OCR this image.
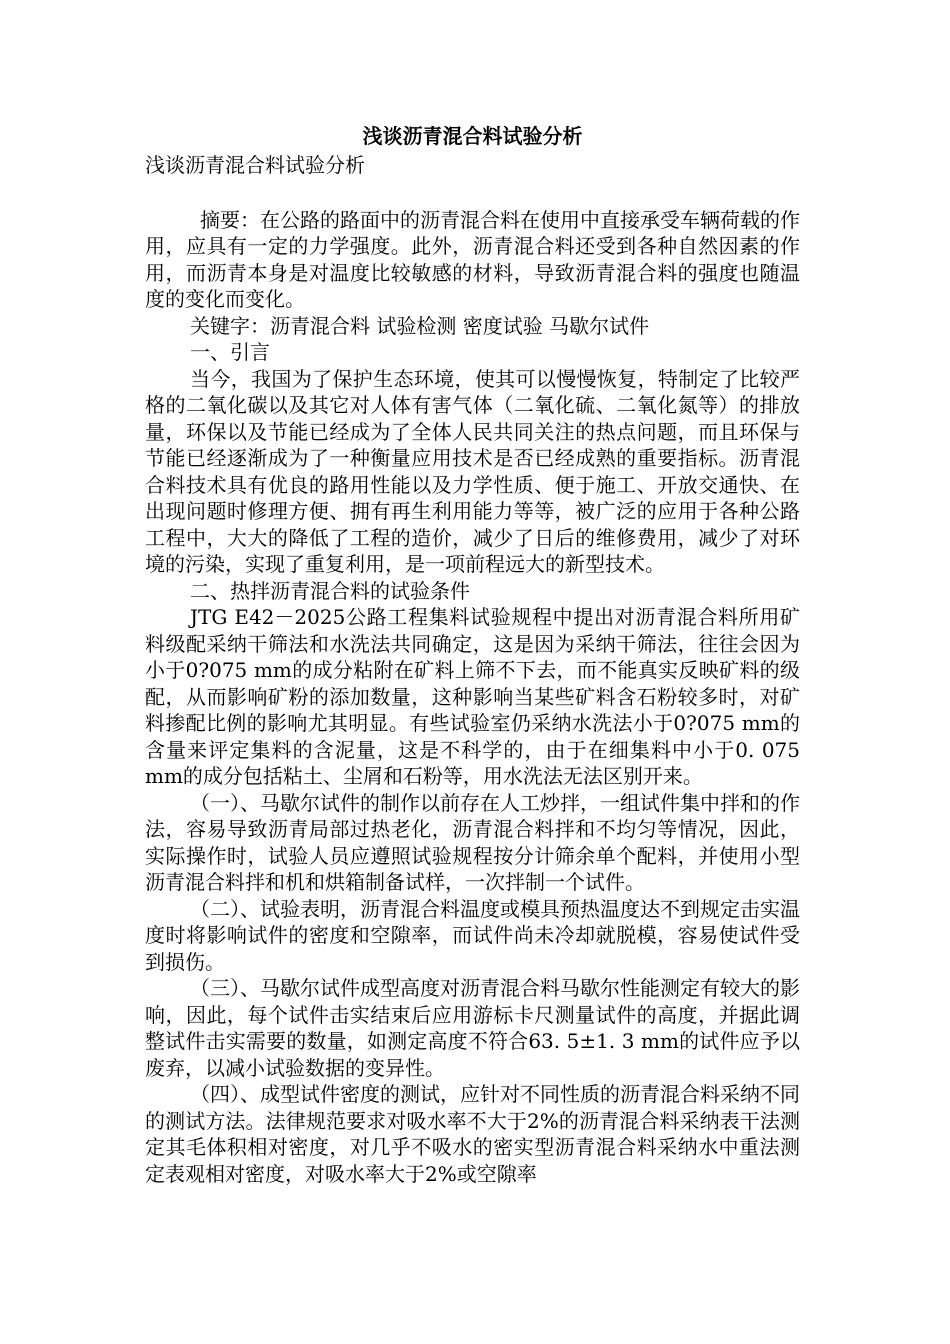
浅谈沥青混合料试验分析

浅谈沥青混合料试验分析

摘要：在公路的路面中的沥青混合料在使用中直接承受车辆荷载的作用，应具有一定的力学强度。此外，沥青混合料还受到各种自然因素的作用，而沥青本身是对温度比较敏感的材料，导致沥青混合料的强度也随温度的变化而变化。

关键字：沥青混合料 试验检测 密度试验 马歇尔试件

一、引言

当今，我国为了保护生态环境，使其可以慢慢恢复，特制定了比较严格的二氧化碳以及其它对人体有害气体（二氧化硫、二氧化氮等）的排放量，环保以及节能已经成为了全体人民共同关注的热点问题，而且环保与节能已经逐渐成为了一种衡量应用技术是否已经成熟的重要指标。沥青混合料技术具有优良的路用性能以及力学性质、便于施工、开放交通快、在出现问题时修理方便、拥有再生利用能力等等，被广泛的应用于各种公路工程中，大大的降低了工程的造价，减少了日后的维修费用，减少了对环境的污染，实现了重复利用，是一项前程远大的新型技术。

二、热拌沥青混合料的试验条件

JTG E42－2025公路工程集料试验规程中提出对沥青混合料所用矿料级配采纳干筛法和水洗法共同确定，这是因为采纳干筛法，往往会因为小于0?075 mm的成分粘附在矿料上筛不下去，而不能真实反映矿料的级配，从而影响矿粉的添加数量，这种影响当某些矿料含石粉较多时，对矿料掺配比例的影响尤其明显。有些试验室仍采纳水洗法小于0?075 mm的含量来评定集料的含泥量，这是不科学的，由于在细集料中小于0. 075 mm的成分包括粘土、尘屑和石粉等，用水洗法无法区别开来。

（一）、马歇尔试件的制作以前存在人工炒拌，一组试件集中拌和的作法，容易导致沥青局部过热老化，沥青混合料拌和不均匀等情况，因此，实际操作时，试验人员应遵照试验规程按分计筛余单个配料，并使用小型沥青混合料拌和机和烘箱制备试样，一次拌制一个试件。

（二）、试验表明，沥青混合料温度或模具预热温度达不到规定击实温度时将影响试件的密度和空隙率，而试件尚未冷却就脱模，容易使试件受到损伤。

（三）、马歇尔试件成型高度对沥青混合料马歇尔性能测定有较大的影响，因此，每个试件击实结束后应用游标卡尺测量试件的高度，并据此调整试件击实需要的数量，如测定高度不符合63. 5±1. 3 mm的试件应予以废弃，以减小试验数据的变异性。

（四）、成型试件密度的测试，应针对不同性质的沥青混合料采纳不同的测试方法。法律规范要求对吸水率不大于2%的沥青混合料采纳表干法测定其毛体积相对密度，对几乎不吸水的密实型沥青混合料采纳水中重法测定表观相对密度，对吸水率大于2%或空隙率
